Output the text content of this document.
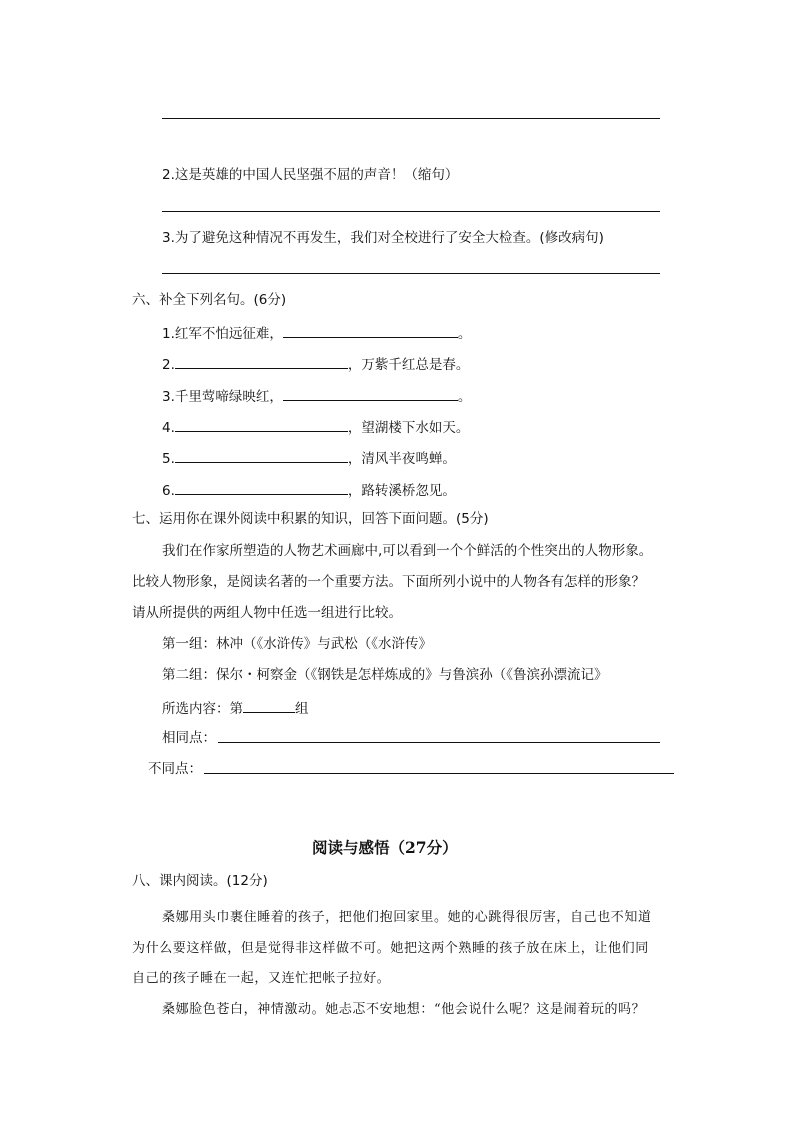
2.这是英雄的中国人民坚强不屈的声音！（缩句）
3.为了避免这种情况不再发生，我们对全校进行了安全大检查。(修改病句)
六、补全下列名句。(6分)
1.红军不怕远征难，	。
2.	，万紫千红总是春。
3.千里莺啼绿映红，	。
4.	，望湖楼下水如天。
5.	，清风半夜鸣蝉。
6.	，路转溪桥忽见。
七、运用你在课外阅读中积累的知识，回答下面问题。(5分)
我们在作家所塑造的人物艺术画廊中,可以看到一个个鲜活的个性突出的人物形象。
比较人物形象，是阅读名著的一个重要方法。下面所列小说中的人物各有怎样的形象？
请从所提供的两组人物中任选一组进行比较。
第一组：林冲（《水浒传》与武松（《水浒传》
第二组：保尔・柯察金（《钢铁是怎样炼成的》与鲁滨孙（《鲁滨孙漂流记》
所选内容：第	组
相同点：
不同点：
阅读与感悟（27分）
八、课内阅读。(12分)
桑娜用头巾裹住睡着的孩子，把他们抱回家里。她的心跳得很厉害，自己也不知道
为什么要这样做，但是觉得非这样做不可。她把这两个熟睡的孩子放在床上，让他们同
自己的孩子睡在一起，又连忙把帐子拉好。
桑娜脸色苍白，神情激动。她忐忑不安地想：“他会说什么呢？这是闹着玩的吗？
